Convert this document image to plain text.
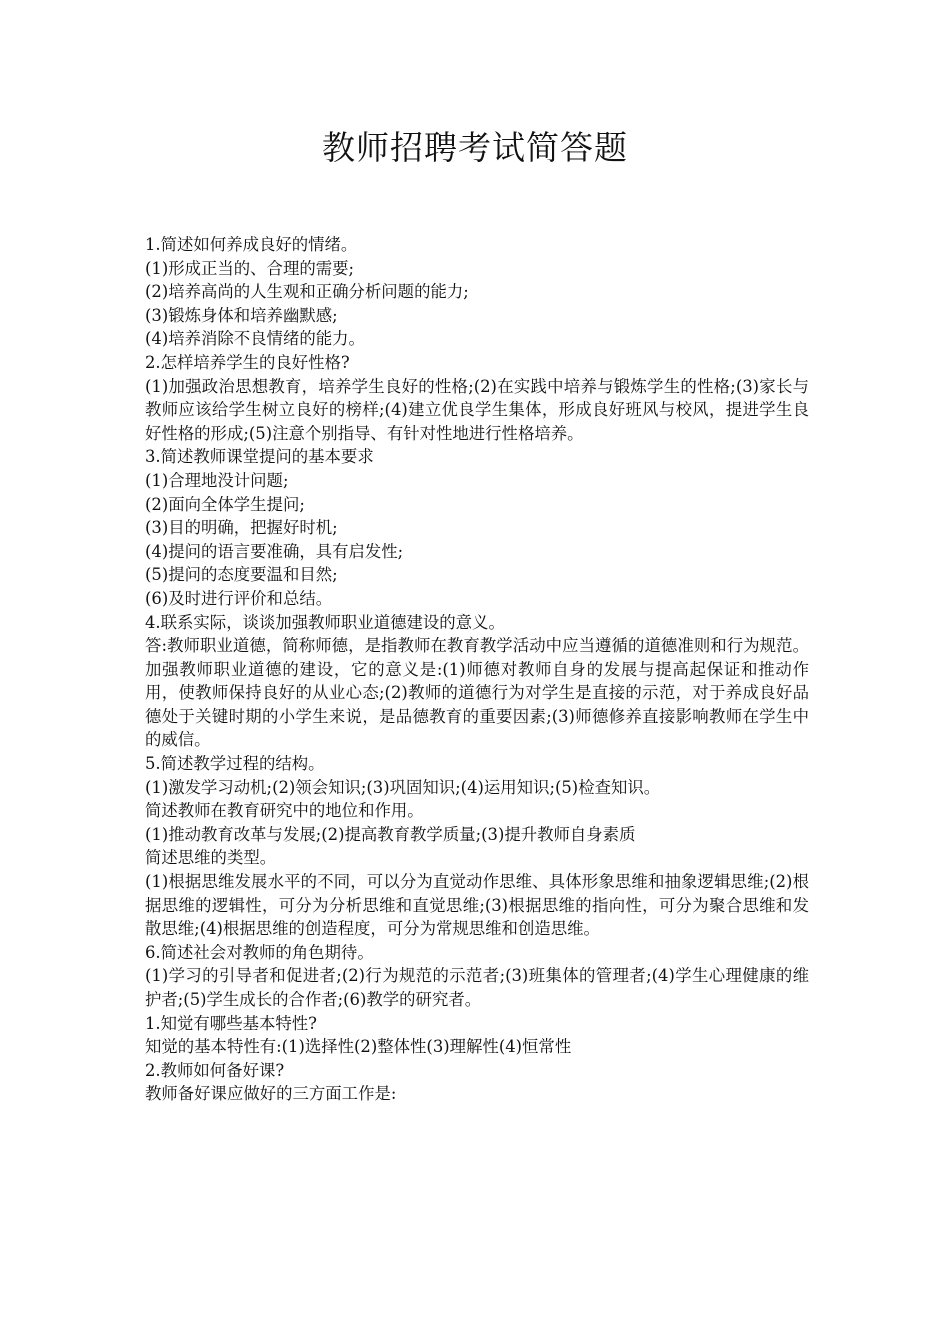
教师招聘考试简答题

1.简述如何养成良好的情绪。

(1)形成正当的、合理的需要;

(2)培养高尚的人生观和正确分析问题的能力;

(3)锻炼身体和培养幽默感;

(4)培养消除不良情绪的能力。

2.怎样培养学生的良好性格?

(1)加强政治思想教育，培养学生良好的性格;(2)在实践中培养与锻炼学生的性格;(3)家长与教师应该给学生树立良好的榜样;(4)建立优良学生集体，形成良好班风与校风，提进学生良好性格的形成;(5)注意个别指导、有针对性地进行性格培养。

3.简述教师课堂提问的基本要求

(1)合理地没计问题;

(2)面向全体学生提问;

(3)目的明确，把握好时机;

(4)提问的语言要准确，具有启发性;

(5)提问的态度要温和目然;

(6)及时进行评价和总结。

4.联系实际，谈谈加强教师职业道德建设的意义。

答:教师职业道德，简称师德，是指教师在教育教学活动中应当遵循的道德准则和行为规范。加强教师职业道德的建设，它的意义是:(1)师德对教师自身的发展与提高起保证和推动作用，使教师保持良好的从业心态;(2)教师的道德行为对学生是直接的示范，对于养成良好品德处于关键时期的小学生来说，是品德教育的重要因素;(3)师德修养直接影响教师在学生中的威信。

5.简述教学过程的结构。

(1)激发学习动机;(2)领会知识;(3)巩固知识;(4)运用知识;(5)检查知识。

简述教师在教育研究中的地位和作用。

(1)推动教育改革与发展;(2)提高教育教学质量;(3)提升教师自身素质

简述思维的类型。

(1)根据思维发展水平的不同，可以分为直觉动作思维、具体形象思维和抽象逻辑思维;(2)根据思维的逻辑性，可分为分析思维和直觉思维;(3)根据思维的指向性，可分为聚合思维和发散思维;(4)根据思维的创造程度，可分为常规思维和创造思维。

6.简述社会对教师的角色期待。

(1)学习的引导者和促进者;(2)行为规范的示范者;(3)班集体的管理者;(4)学生心理健康的维护者;(5)学生成长的合作者;(6)教学的研究者。

1.知觉有哪些基本特性?

知觉的基本特性有:(1)选择性(2)整体性(3)理解性(4)恒常性

2.教师如何备好课?

教师备好课应做好的三方面工作是:
